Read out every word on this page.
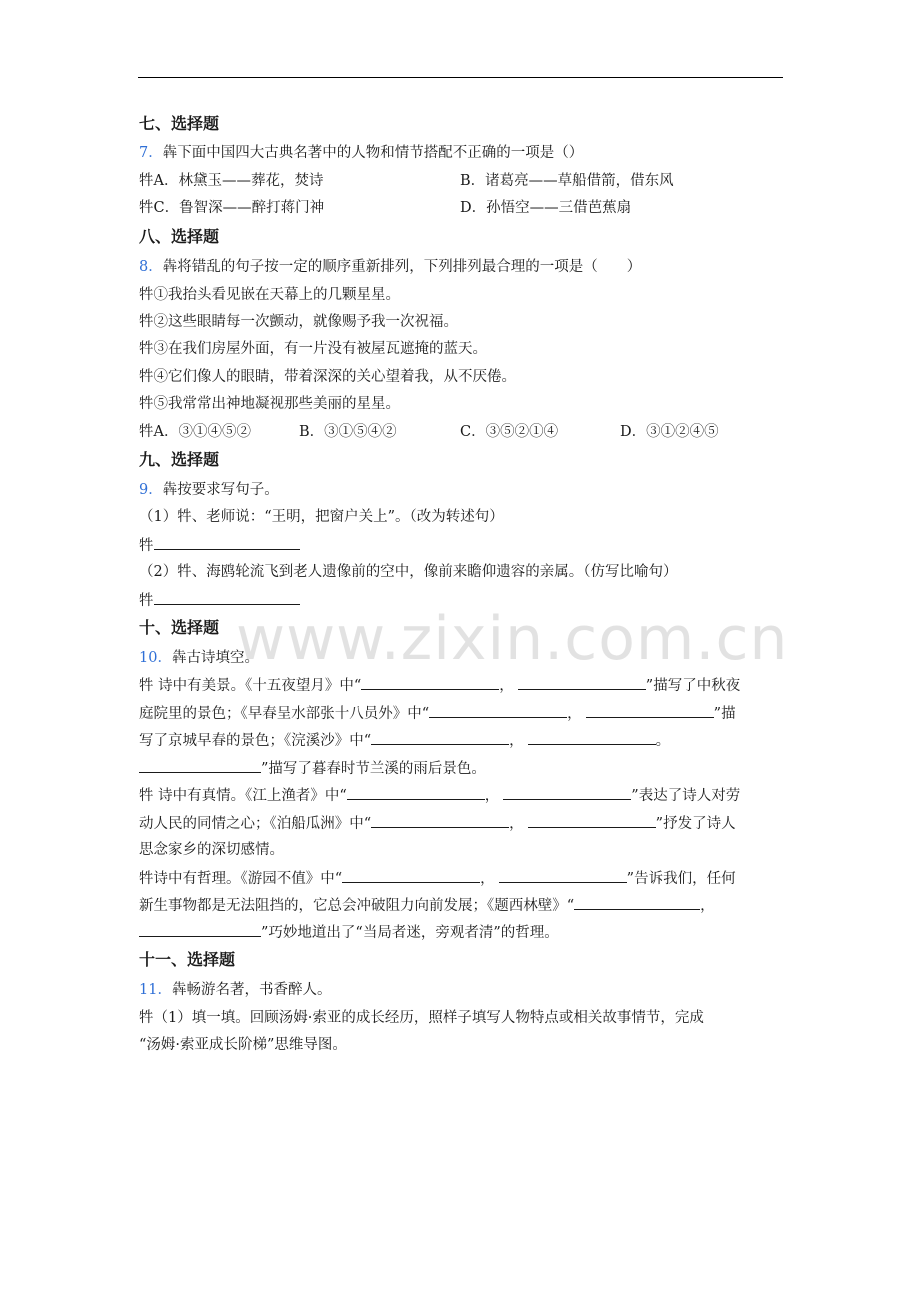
www.zixin.com.cn
七、选择题
7．犇下面中国四大古典名著中的人物和情节搭配不正确的一项是（）
牪A．林黛玉——葬花，焚诗	B．诸葛亮——草船借箭，借东风
牪C．鲁智深——醉打蒋门神	D．孙悟空——三借芭蕉扇
八、选择题
8．犇将错乱的句子按一定的顺序重新排列，下列排列最合理的一项是（　　）
牪①我抬头看见嵌在天幕上的几颗星星。
牪②这些眼睛每一次颤动，就像赐予我一次祝福。
牪③在我们房屋外面，有一片没有被屋瓦遮掩的蓝天。
牪④它们像人的眼睛，带着深深的关心望着我，从不厌倦。
牪⑤我常常出神地凝视那些美丽的星星。
牪A．③①④⑤②	B．③①⑤④②	C．③⑤②①④	D．③①②④⑤
九、选择题
9．犇按要求写句子。
（1）牪、老师说：“王明，把窗户关上”。（改为转述句）
牪
（2）牪、海鸥轮流飞到老人遗像前的空中，像前来瞻仰遗容的亲属。（仿写比喻句）
牪
十、选择题
10．犇古诗填空。
牪 诗中有美景。《十五夜望月》中“	，	”描写了中秋夜
庭院里的景色；《早春呈水部张十八员外》中“	，	”描
写了京城早春的景色；《浣溪沙》中“	，	。
”描写了暮春时节兰溪的雨后景色。
牪 诗中有真情。《江上渔者》中“	，	”表达了诗人对劳
动人民的同情之心；《泊船瓜洲》中“	，	”抒发了诗人
思念家乡的深切感情。
牪诗中有哲理。《游园不值》中“	，	”告诉我们，任何
新生事物都是无法阻挡的，它总会冲破阻力向前发展；《题西林壁》“	，
”巧妙地道出了“当局者迷，旁观者清”的哲理。
十一、选择题
11．犇畅游名著，书香醉人。
牪（1）填一填。回顾汤姆·索亚的成长经历，照样子填写人物特点或相关故事情节，完成
“汤姆·索亚成长阶梯”思维导图。
